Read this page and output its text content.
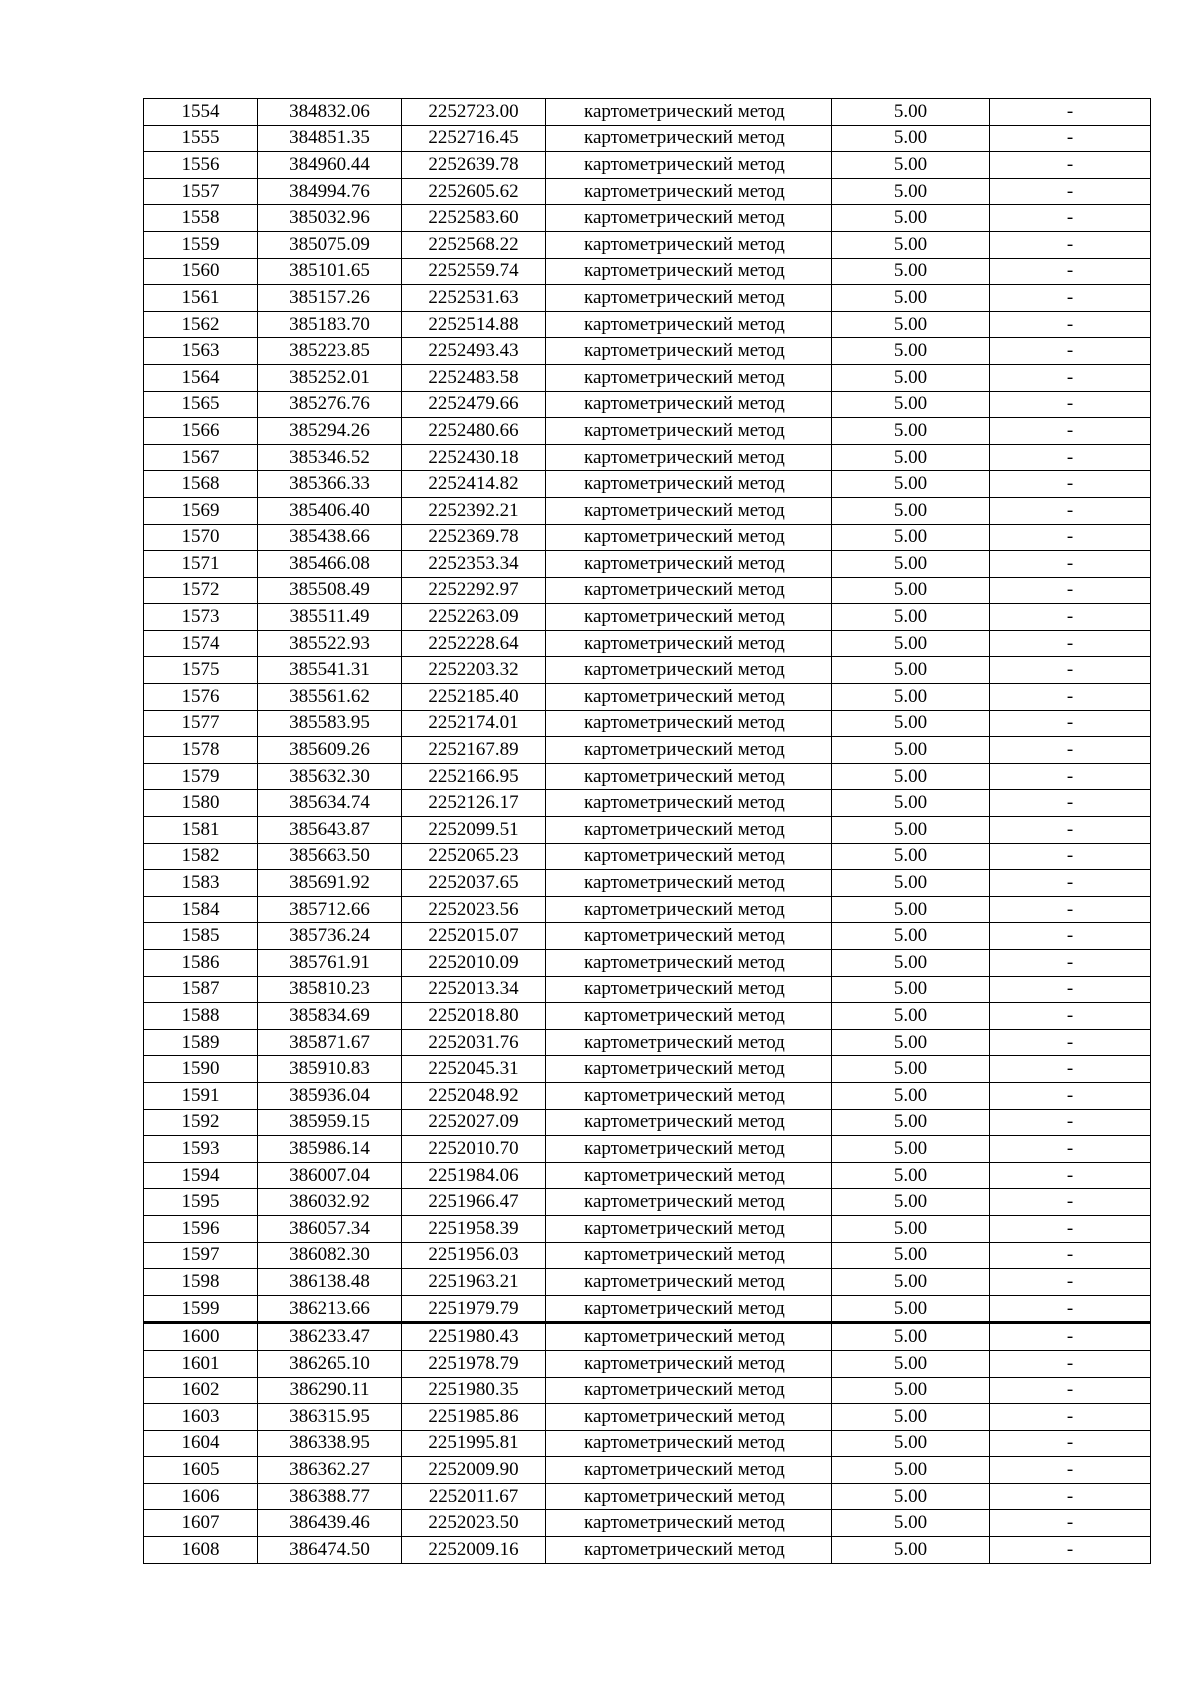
1554	384832.06	2252723.00	картометрический метод	5.00	-
1555	384851.35	2252716.45	картометрический метод	5.00	-
1556	384960.44	2252639.78	картометрический метод	5.00	-
1557	384994.76	2252605.62	картометрический метод	5.00	-
1558	385032.96	2252583.60	картометрический метод	5.00	-
1559	385075.09	2252568.22	картометрический метод	5.00	-
1560	385101.65	2252559.74	картометрический метод	5.00	-
1561	385157.26	2252531.63	картометрический метод	5.00	-
1562	385183.70	2252514.88	картометрический метод	5.00	-
1563	385223.85	2252493.43	картометрический метод	5.00	-
1564	385252.01	2252483.58	картометрический метод	5.00	-
1565	385276.76	2252479.66	картометрический метод	5.00	-
1566	385294.26	2252480.66	картометрический метод	5.00	-
1567	385346.52	2252430.18	картометрический метод	5.00	-
1568	385366.33	2252414.82	картометрический метод	5.00	-
1569	385406.40	2252392.21	картометрический метод	5.00	-
1570	385438.66	2252369.78	картометрический метод	5.00	-
1571	385466.08	2252353.34	картометрический метод	5.00	-
1572	385508.49	2252292.97	картометрический метод	5.00	-
1573	385511.49	2252263.09	картометрический метод	5.00	-
1574	385522.93	2252228.64	картометрический метод	5.00	-
1575	385541.31	2252203.32	картометрический метод	5.00	-
1576	385561.62	2252185.40	картометрический метод	5.00	-
1577	385583.95	2252174.01	картометрический метод	5.00	-
1578	385609.26	2252167.89	картометрический метод	5.00	-
1579	385632.30	2252166.95	картометрический метод	5.00	-
1580	385634.74	2252126.17	картометрический метод	5.00	-
1581	385643.87	2252099.51	картометрический метод	5.00	-
1582	385663.50	2252065.23	картометрический метод	5.00	-
1583	385691.92	2252037.65	картометрический метод	5.00	-
1584	385712.66	2252023.56	картометрический метод	5.00	-
1585	385736.24	2252015.07	картометрический метод	5.00	-
1586	385761.91	2252010.09	картометрический метод	5.00	-
1587	385810.23	2252013.34	картометрический метод	5.00	-
1588	385834.69	2252018.80	картометрический метод	5.00	-
1589	385871.67	2252031.76	картометрический метод	5.00	-
1590	385910.83	2252045.31	картометрический метод	5.00	-
1591	385936.04	2252048.92	картометрический метод	5.00	-
1592	385959.15	2252027.09	картометрический метод	5.00	-
1593	385986.14	2252010.70	картометрический метод	5.00	-
1594	386007.04	2251984.06	картометрический метод	5.00	-
1595	386032.92	2251966.47	картометрический метод	5.00	-
1596	386057.34	2251958.39	картометрический метод	5.00	-
1597	386082.30	2251956.03	картометрический метод	5.00	-
1598	386138.48	2251963.21	картометрический метод	5.00	-
1599	386213.66	2251979.79	картометрический метод	5.00	-
1600	386233.47	2251980.43	картометрический метод	5.00	-
1601	386265.10	2251978.79	картометрический метод	5.00	-
1602	386290.11	2251980.35	картометрический метод	5.00	-
1603	386315.95	2251985.86	картометрический метод	5.00	-
1604	386338.95	2251995.81	картометрический метод	5.00	-
1605	386362.27	2252009.90	картометрический метод	5.00	-
1606	386388.77	2252011.67	картометрический метод	5.00	-
1607	386439.46	2252023.50	картометрический метод	5.00	-
1608	386474.50	2252009.16	картометрический метод	5.00	-
